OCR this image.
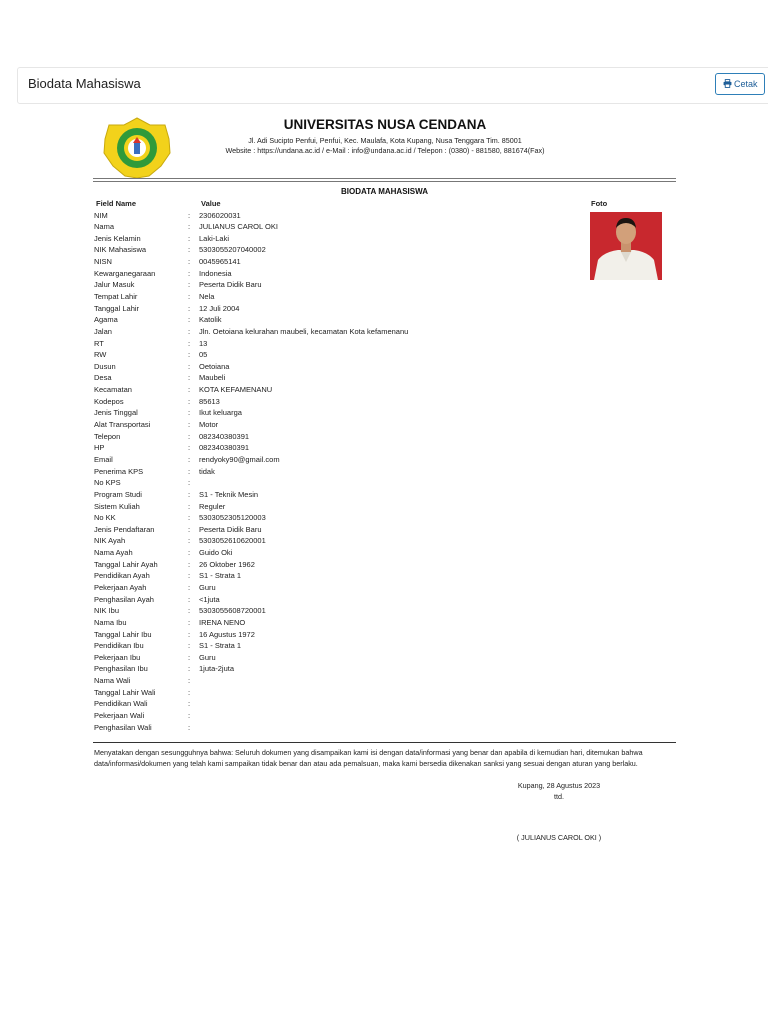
Biodata Mahasiswa	Cetak
UNIVERSITAS NUSA CENDANA
Jl. Adi Sucipto Penfui, Penfui, Kec. Maulafa, Kota Kupang, Nusa Tenggara Tim. 85001
Website : https://undana.ac.id / e-Mail : info@undana.ac.id / Telepon : (0380) - 881580, 881674(Fax)
BIODATA MAHASISWA
Field Name	Value	Foto
NIM	: 2306020031
Nama	: JULIANUS CAROL OKI
Jenis Kelamin	: Laki-Laki
NIK Mahasiswa	: 5303055207040002
NISN	: 0045965141
Kewarganegaraan	: Indonesia
Jalur Masuk	: Peserta Didik Baru
Tempat Lahir	: Nela
Tanggal Lahir	: 12 Juli 2004
Agama	: Katolik
Jalan	: Jln. Oetoiana kelurahan maubeli, kecamatan Kota kefamenanu
RT	: 13
RW	: 05
Dusun	: Oetoiana
Desa	: Maubeli
Kecamatan	: KOTA KEFAMENANU
Kodepos	: 85613
Jenis Tinggal	: Ikut keluarga
Alat Transportasi	: Motor
Telepon	: 082340380391
HP	: 082340380391
Email	: rendyoky90@gmail.com
Penerima KPS	: tidak
No KPS	:
Program Studi	: S1 - Teknik Mesin
Sistem Kuliah	: Reguler
No KK	: 5303052305120003
Jenis Pendaftaran	: Peserta Didik Baru
NIK Ayah	: 5303052610620001
Nama Ayah	: Guido Oki
Tanggal Lahir Ayah	: 26 Oktober 1962
Pendidikan Ayah	: S1 - Strata 1
Pekerjaan Ayah	: Guru
Penghasilan Ayah	: <1juta
NIK Ibu	: 5303055608720001
Nama Ibu	: IRENA NENO
Tanggal Lahir Ibu	: 16 Agustus 1972
Pendidikan Ibu	: S1 - Strata 1
Pekerjaan Ibu	: Guru
Penghasilan Ibu	: 1juta-2juta
Nama Wali	:
Tanggal Lahir Wali	:
Pendidikan Wali	:
Pekerjaan Wali	:
Penghasilan Wali	:
Menyatakan dengan sesungguhnya bahwa: Seluruh dokumen yang disampaikan kami isi dengan data/informasi yang benar dan apabila di kemudian hari, ditemukan bahwa data/informasi/dokumen yang telah kami sampaikan tidak benar dan atau ada pemalsuan, maka kami bersedia dikenakan sanksi yang sesuai dengan aturan yang berlaku.
Kupang, 28 Agustus 2023
ttd.
( JULIANUS CAROL OKI )
